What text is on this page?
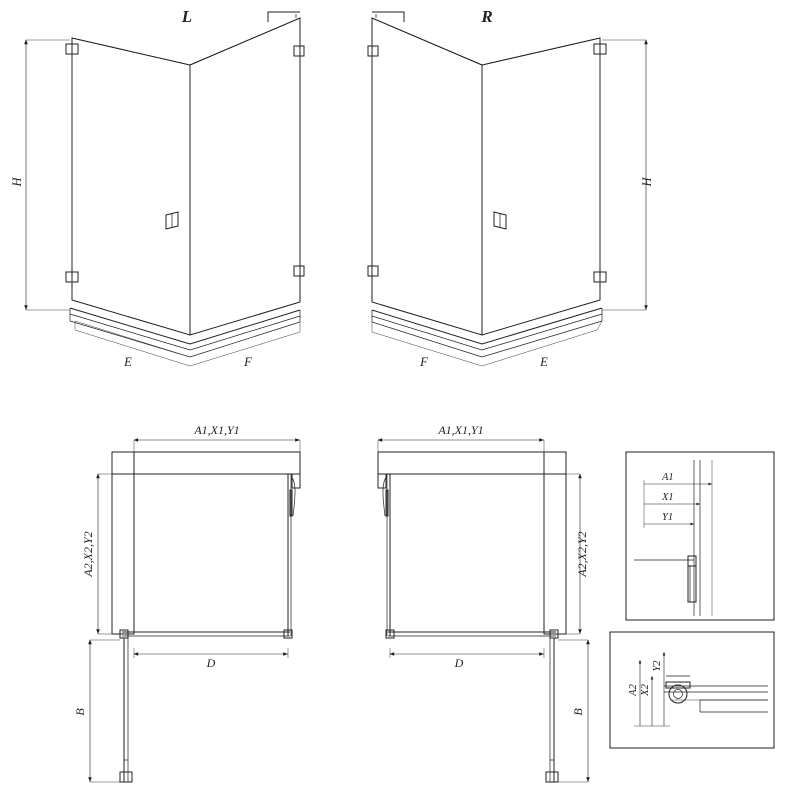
H
E	F
L
H
F	E
R
A1,X1,Y1
A2,X2,Y2
D
B
A1,X1,Y1
A2,X2,Y2
D
B
A1
X1
Y1
A2 X2
Y2
